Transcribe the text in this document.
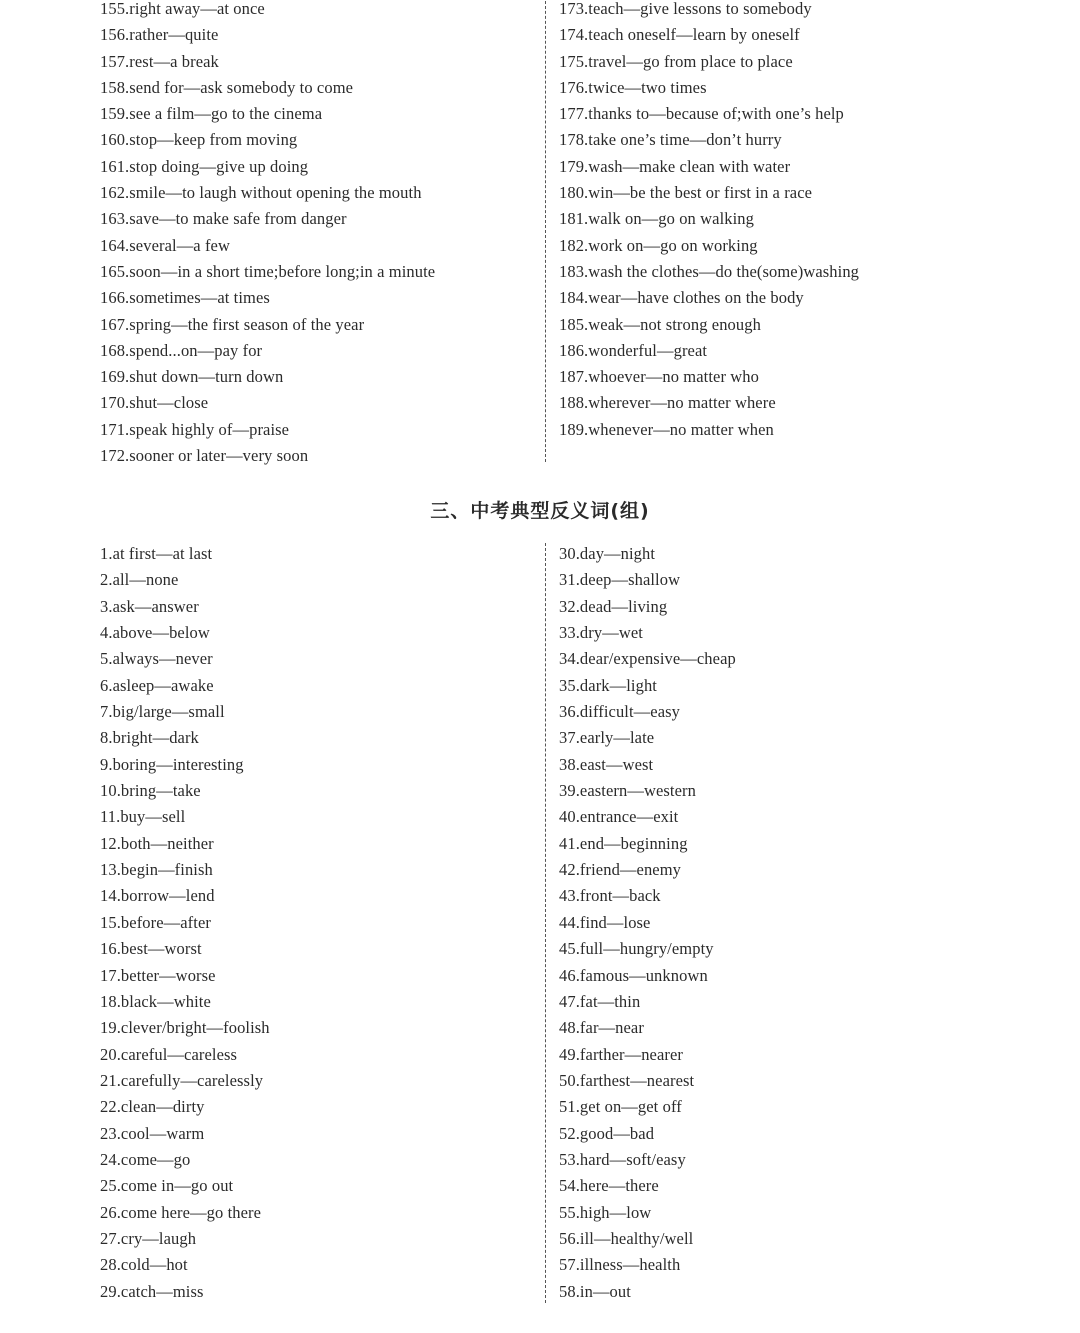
155.right away—at once
156.rather—quite
157.rest—a break
158.send for—ask somebody to come
159.see a film—go to the cinema
160.stop—keep from moving
161.stop doing—give up doing
162.smile—to laugh without opening the mouth
163.save—to make safe from danger
164.several—a few
165.soon—in a short time;before long;in a minute
166.sometimes—at times
167.spring—the first season of the year
168.spend...on—pay for
169.shut down—turn down
170.shut—close
171.speak highly of—praise
172.sooner or later—very soon
173.teach—give lessons to somebody
174.teach oneself—learn by oneself
175.travel—go from place to place
176.twice—two times
177.thanks to—because of;with one’s help
178.take one’s time—don’t hurry
179.wash—make clean with water
180.win—be the best or first in a race
181.walk on—go on walking
182.work on—go on working
183.wash the clothes—do the(some)washing
184.wear—have clothes on the body
185.weak—not strong enough
186.wonderful—great
187.whoever—no matter who
188.wherever—no matter where
189.whenever—no matter when
三、中考典型反义词(组)
1.at first—at last
2.all—none
3.ask—answer
4.above—below
5.always—never
6.asleep—awake
7.big/large—small
8.bright—dark
9.boring—interesting
10.bring—take
11.buy—sell
12.both—neither
13.begin—finish
14.borrow—lend
15.before—after
16.best—worst
17.better—worse
18.black—white
19.clever/bright—foolish
20.careful—careless
21.carefully—carelessly
22.clean—dirty
23.cool—warm
24.come—go
25.come in—go out
26.come here—go there
27.cry—laugh
28.cold—hot
29.catch—miss
30.day—night
31.deep—shallow
32.dead—living
33.dry—wet
34.dear/expensive—cheap
35.dark—light
36.difficult—easy
37.early—late
38.east—west
39.eastern—western
40.entrance—exit
41.end—beginning
42.friend—enemy
43.front—back
44.find—lose
45.full—hungry/empty
46.famous—unknown
47.fat—thin
48.far—near
49.farther—nearer
50.farthest—nearest
51.get on—get off
52.good—bad
53.hard—soft/easy
54.here—there
55.high—low
56.ill—healthy/well
57.illness—health
58.in—out
